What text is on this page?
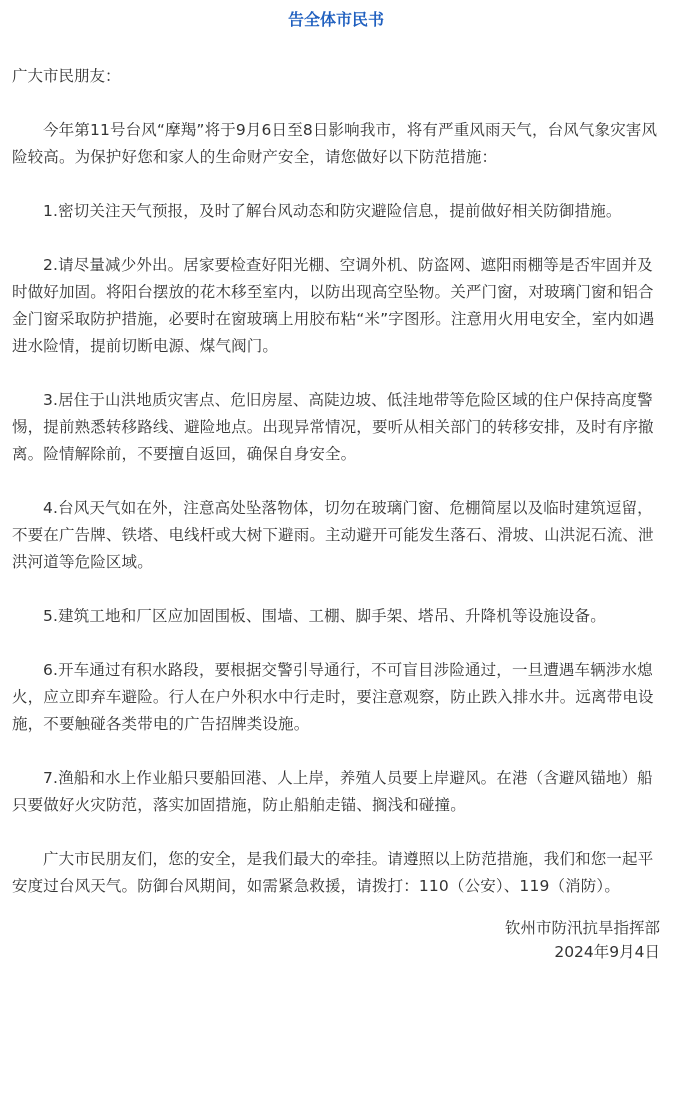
告全体市民书

广大市民朋友：

今年第11号台风“摩羯”将于9月6日至8日影响我市，将有严重风雨天气，台风气象灾害风险较高。为保护好您和家人的生命财产安全，请您做好以下防范措施：

1.密切关注天气预报，及时了解台风动态和防灾避险信息，提前做好相关防御措施。

2.请尽量减少外出。居家要检查好阳光棚、空调外机、防盗网、遮阳雨棚等是否牢固并及时做好加固。将阳台摆放的花木移至室内，以防出现高空坠物。关严门窗，对玻璃门窗和铝合金门窗采取防护措施，必要时在窗玻璃上用胶布粘“米”字图形。注意用火用电安全，室内如遇进水险情，提前切断电源、煤气阀门。

3.居住于山洪地质灾害点、危旧房屋、高陡边坡、低洼地带等危险区域的住户保持高度警惕，提前熟悉转移路线、避险地点。出现异常情况，要听从相关部门的转移安排，及时有序撤离。险情解除前，不要擅自返回，确保自身安全。

4.台风天气如在外，注意高处坠落物体，切勿在玻璃门窗、危棚简屋以及临时建筑逗留，不要在广告牌、铁塔、电线杆或大树下避雨。主动避开可能发生落石、滑坡、山洪泥石流、泄洪河道等危险区域。

5.建筑工地和厂区应加固围板、围墙、工棚、脚手架、塔吊、升降机等设施设备。

6.开车通过有积水路段，要根据交警引导通行，不可盲目涉险通过，一旦遭遇车辆涉水熄火，应立即弃车避险。行人在户外积水中行走时，要注意观察，防止跌入排水井。远离带电设施，不要触碰各类带电的广告招牌类设施。

7.渔船和水上作业船只要船回港、人上岸，养殖人员要上岸避风。在港（含避风锚地）船只要做好火灾防范，落实加固措施，防止船舶走锚、搁浅和碰撞。

广大市民朋友们，您的安全，是我们最大的牵挂。请遵照以上防范措施，我们和您一起平安度过台风天气。防御台风期间，如需紧急救援，请拨打：110（公安）、119（消防）。

钦州市防汛抗旱指挥部
2024年9月4日
